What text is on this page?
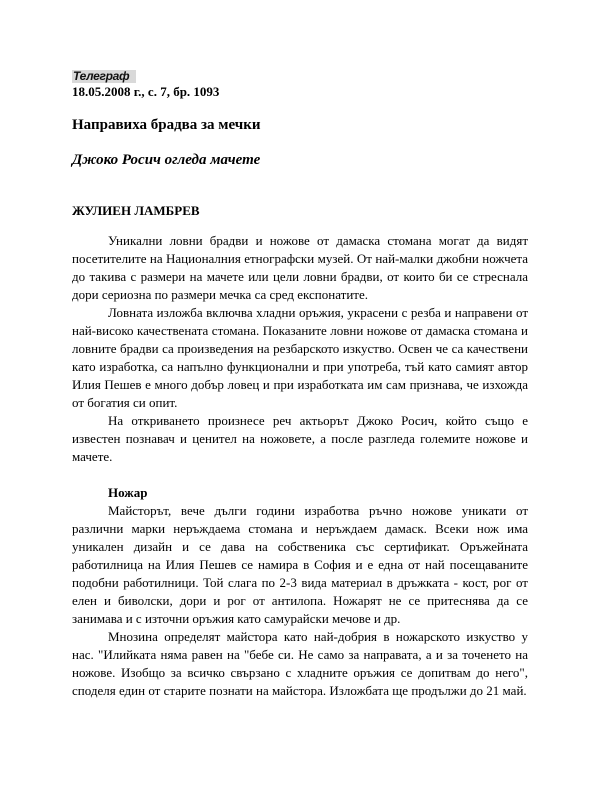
Телеграф
18.05.2008 г., с. 7, бр. 1093
Направиха брадва за мечки
Джоко Росич огледа мачете
ЖУЛИЕН ЛАМБРЕВ

Уникални ловни брадви и ножове от дамаска стомана могат да видят посетителите на Националния етнографски музей. От най-малки джобни ножчета до такива с размери на мачете или цели ловни брадви, от които би се стреснала дори сериозна по размери мечка са сред експонатите.

Ловната изложба включва хладни оръжия, украсени с резба и направени от най-високо качествената стомана. Показаните ловни ножове от дамаска стомана и ловните брадви са произведения на резбарското изкуство. Освен че са качествени като изработка, са напълно функционални и при употреба, тъй като самият автор Илия Пешев е много добър ловец и при изработката им сам признава, че изхожда от богатия си опит.

На откриването произнесе реч актьорът Джоко Росич, който също е известен познавач и ценител на ножовете, а после разгледа големите ножове и мачете.

Ножар

Майсторът, вече дълги години изработва ръчно ножове уникати от различни марки неръждаема стомана и неръждаем дамаск. Всеки нож има уникален дизайн и се дава на собственика със сертификат. Оръжейната работилница на Илия Пешев се намира в София и е една от най посещаваните подобни работилници. Той слага по 2-3 вида материал в дръжката - кост, рог от елен и биволски, дори и рог от антилопа. Ножарят не се притеснява да се занимава и с източни оръжия като самурайски мечове и др.

Мнозина определят майстора като най-добрия в ножарското изкуство у нас. "Илийката няма равен на "бебе си. Не само за направата, а и за точенето на ножове. Изобщо за всичко свързано с хладните оръжия се допитвам до него", споделя един от старите познати на майстора. Изложбата ще продължи до 21 май.
